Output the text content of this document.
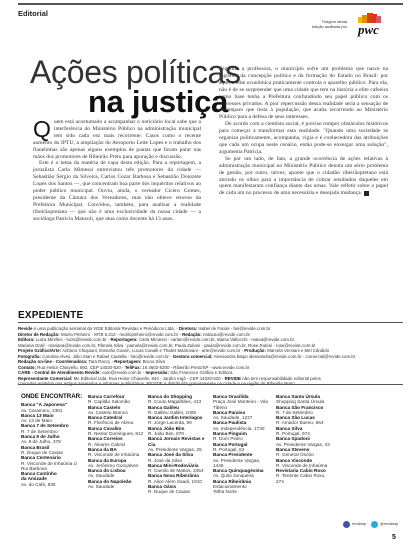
Editorial
Triagem desta
edição auditada por pwc
Ações políticas
na justiça

Quem está acostumado a acompanhar o noticiário local sabe que a interferência do Ministério Público na administração municipal tem sido cada vez mais recorrente. Casos como o recente aumento do IPTU, a ampliação do Aeroporto Leite Lopes e o trabalho dos flanelinhas são apenas alguns exemplos de pautas que foram parar nas mãos dos promotores de Ribeirão Preto para apuração e discussão.

Este é o tema da matéria de capa desta edição. Para a reportagem, a jornalista Carla Mimessi entrevistou três promotores da cidade — Sebastião Sérgio da Silveira, Carlos Cezar Barbosa e Sebastião Donizete Lopes dos Santos —, que concentram boa parte dos inquéritos relativos ao poder público municipal. Ouviu, ainda, o vereador Cícero Gomes, presidente da Câmara dos Vereadores, mas não obteve retorno da Prefeitura Municipal. Convidou, também, para analisar a realidade ribeirãopretana — que não é uma exclusividade da nossa cidade — a socióloga Patrícia Manzoli, que atua como docente há 13 anos.

Segundo a professora, o município sofre um problema que nasce na logística da concepção política e da formação do Estado no Brasil: por aqui, a elite econômica praticamente controla o aparelho público. Para ela, não é de se surpreender que uma cidade que tem na história a elite cafeeira como base tenha a Prefeitura confundindo seu papel público com os interesses privados. A pior repercussão dessa realidade seria a sensação de desamparo que resta à população, que acaba recorrendo ao Ministério Público para a defesa de seus interesses.

De acordo com a cientista social, é preciso romper obstáculos históricos para começar a transformar esta realidade. "Quando uma sociedade se organiza politicamente, acompanha, vigia e é conhecedora das atribuições que cada um ocupa neste cenário, então pode-se enxergar uma solução", argumenta Patrícia.

Se por um lado, de fato, a grande ocorrência de ações relativas à administração municipal no Ministério Público denota um sério problema de gestão, por outro, talvez, aponte que o cidadão ribeirãopretano está abrindo os olhos para a importância de cobrar resultados daqueles em quem manifestaram confiança diante das urnas. Vale refletir sobre o papel de cada um no processo de uma necessária e desejada mudança.

EXPEDIENTE
Revide é uma publicação semanal da VIDE Editorial Revistas e Periódicos Ltda. - Diretora: Isabel de Farias - bel@revide.com.br
Diretor de Redação: Murilo Pinheiro - MTB 6.313 - murilopinheiro@revide.com.br - Redação: redacao@revide.com.br
Editora: Luiza Mirelles - luiza@revide.com.br - Reportagem: Carla Mimessi - carlam@revide.com.br, Maísa Vallocchi - maisa@revide.com.br,
Mariana Graif - mariana@revide.com.br, Pâmela Silva - pamela@revide.com.br, Paula Zuliani - paula@revide.com.br, Rose Rubini - rose@revide.com.br
Projeto Gráfico/Arte: Adriano Chiquiani, Estevão Goarin, Lucas Canalli e Thales Mantovani - arte@revide.com.br - Produção: Marcela Versiani e Mel Cândido
Fotografia: Carolina Alves, Júlio Sian e Rafael Cautella - foto@revide.com.br - Gestora comercial: Alessandra Bispo alessandra@revide.com.br - comercial@revide.com.br
Redação on-line - Coordenadora: Tara Raccy - Reportagem: Bruno Silva
Contato: Rua Heitor Chiavello, 892, CEP 14020-520 - Tel/Fax: 16 3602-5200 - Ribeirão Preto/SP - www.revide.com.br
CARE - Central de Atendimento Revide: care@revide.com.br - Impressão: São Francisco Gráfica e Editora
Representante Comercial: Mc Editorial Ltda. Rua Heitor Chiavello, 844 - Jardim Irajá - CEP 14020-520 - REVIDE não tem responsabilidade editorial pelos
ONDE ENCONTRAR:
Banca "A Japonesa"
Av. Caramuru, 2381
Banca 13 Maio
Av. 13 de Maio
Banca 7 de Setembro
R. 7 de Setembro
Banca 9 de Julho
Av. 9 de Julho, 378
Banca Brasil
R. Duque de Caxias
Banca Centenário
R. Visconde de Inhaúma c/
Rui Barbosa
Banca Cantinho
da Amizade
Av. do Café, 835
Banca Carrefour
R. Capitão Salomão
Banca Castelo
Av. Castelo Branco
Banca Catedral
R. Florêncio de Abreu
Banca Cavalim
R. Nestor Domingues, 812
Banca Correios
R. Álvares Cabral
Banca da BA
R. Visconde de Inhaúma
Banca da Europa
Av. Jerônimo Gonçalves
Banca do Lisboa
Av. Saudade
Banca do Napoleão
Av. Saudade
Banca do Shopping
R. Couto Magalhães, 413
Banca Galileu
R. Galileu Galilei, 1005
Banca Jardim Interlagos
R. Jorge Lacerda, 99
Banca Jóão Bim
R. João Bim, 870
Banca Jornais Revistas e Cia
Av. Presidente Vargas, 25
Banca José da Silva
R. José da Silva
Banca Mini-Rodoviária
R. Camilo de Mattos, 2454
Banca Nova Ribeirânia
R. Alice Além Saadi, 1010
Banca Oásis
R. Duque de Caxias
Banca Oracílida
Praça José Monteiro - Vila
Tibério
Banca Paraíso
Av. Saudade, 1227
Banca Paulista
Av. Independência, 1730
Banca Pinguim
R. Dom Pedro
Banca Portugal
R. Portugal, 63
Banca Presidente
Av. Presidente Vargas, 1446
Banca Quinquagésima
Av. Quito Junqueira
Banca Ribeirânia
Estacionamento
Telha Norte
Banca Santa Úrsula
Shopping Santa Úrsula
Banca São Francisco
R. 7 de Setembro
Banca São Lucas
R. Amador Bueno, 664
Banca Silva
R. Portugal, 974
Banca Spadoni
Av. Presidente Vargas, 43
Banca Stevens
R. General Osório
Banca Visconde
R. Visconde de Inhaúma
Revistaria Cabio Roxo
R. Tenente Cabio Roxo, 274
revidesp	@revidesp
5
